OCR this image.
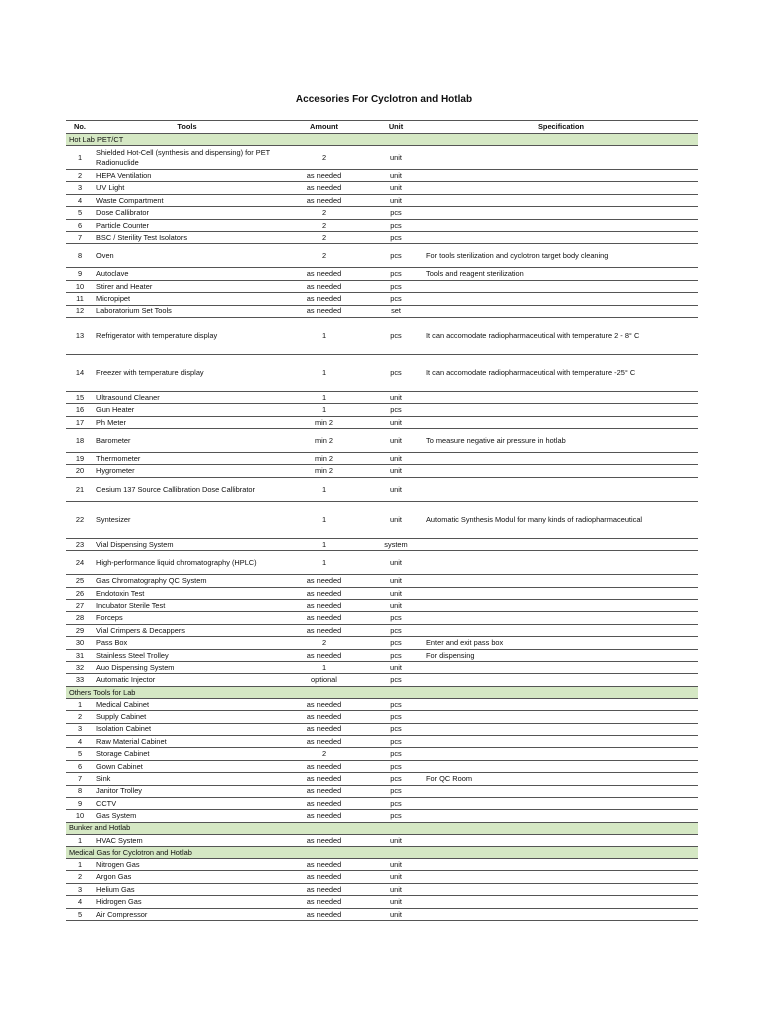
Accesories For Cyclotron and Hotlab
No.	Tools	Amount	Unit	Specification
Hot Lab PET/CT				
1	Shielded Hot-Cell (synthesis and dispensing) for PET Radionuclide	2	unit	
2	HEPA Ventilation	as needed	unit	
3	UV Light	as needed	unit	
4	Waste Compartment	as needed	unit	
5	Dose Callibrator	2	pcs	
6	Particle Counter	2	pcs	
7	BSC / Sterility Test Isolators	2	pcs	
8	Oven	2	pcs	For tools sterilization and cyclotron target body cleaning
9	Autoclave	as needed	pcs	Tools and reagent sterilization
10	Stirer and Heater	as needed	pcs	
11	Micropipet	as needed	pcs	
12	Laboratorium Set Tools	as needed	set	
13	Refrigerator with temperature display	1	pcs	It can accomodate radiopharmaceutical with temperature 2 - 8° C
14	Freezer with temperature display	1	pcs	It can accomodate radiopharmaceutical with temperature -25° C
15	Ultrasound Cleaner	1	unit	
16	Gun Heater	1	pcs	
17	Ph Meter	min 2	unit	
18	Barometer	min 2	unit	To measure negative air pressure in hotlab
19	Thermometer	min 2	unit	
20	Hygrometer	min 2	unit	
21	Cesium 137 Source Callibration Dose Callibrator	1	unit	
22	Syntesizer	1	unit	Automatic Synthesis Modul for many kinds of radiopharmaceutical
23	Vial Dispensing System	1	system	
24	High-performance liquid chromatography (HPLC)	1	unit	
25	Gas Chromatography QC System	as needed	unit	
26	Endotoxin Test	as needed	unit	
27	Incubator Sterile Test	as needed	unit	
28	Forceps	as needed	pcs	
29	Vial Crimpers & Decappers	as needed	pcs	
30	Pass Box	2	pcs	Enter and exit pass box
31	Stainless Steel Trolley	as needed	pcs	For dispensing
32	Auo Dispensing System	1	unit	
33	Automatic Injector	optional	pcs	
Others Tools for Lab				
1	Medical Cabinet	as needed	pcs	
2	Supply Cabinet	as needed	pcs	
3	Isolation Cabinet	as needed	pcs	
4	Raw Material Cabinet	as needed	pcs	
5	Storage Cabinet	2	pcs	
6	Gown Cabinet	as needed	pcs	
7	Sink	as needed	pcs	For QC Room
8	Janitor Trolley	as needed	pcs	
9	CCTV	as needed	pcs	
10	Gas System	as needed	pcs	
Bunker and Hotlab				
1	HVAC System	as needed	unit	
Medical Gas for Cyclotron and Hotlab				
1	Nitrogen Gas	as needed	unit	
2	Argon Gas	as needed	unit	
3	Helium Gas	as needed	unit	
4	Hidrogen Gas	as needed	unit	
5	Air Compressor	as needed	unit	
